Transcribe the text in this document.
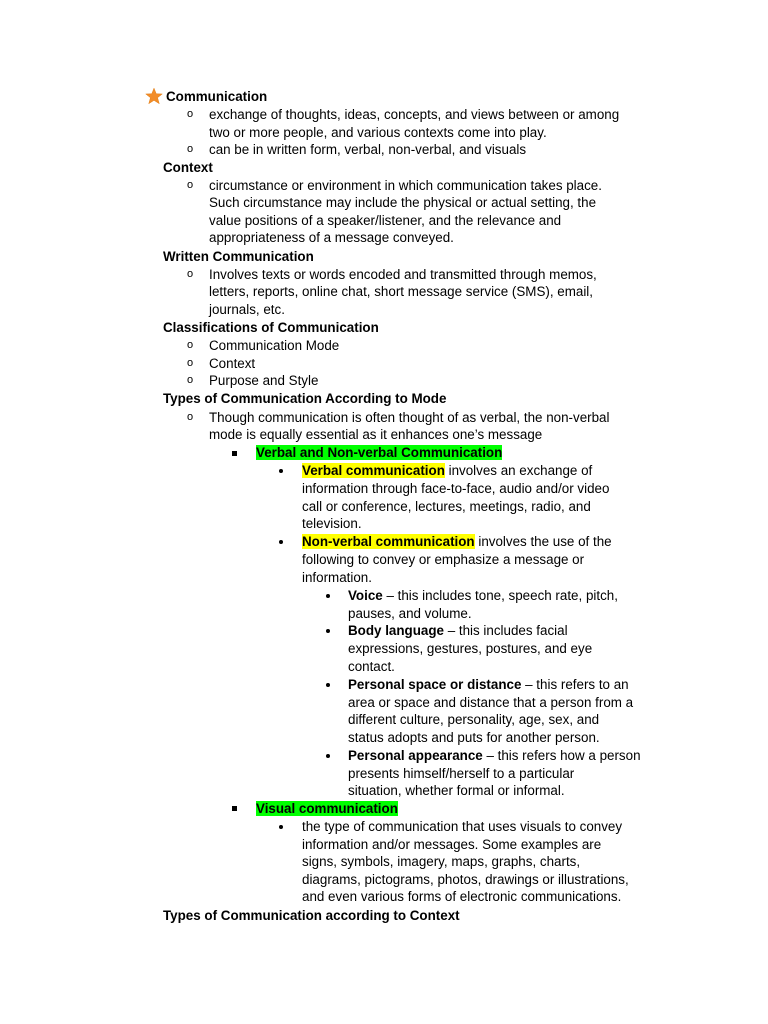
Communication
o exchange of thoughts, ideas, concepts, and views between or among
two or more people, and various contexts come into play.
o can be in written form, verbal, non-verbal, and visuals
Context
o circumstance or environment in which communication takes place.
Such circumstance may include the physical or actual setting, the
value positions of a speaker/listener, and the relevance and
appropriateness of a message conveyed.
Written Communication
o Involves texts or words encoded and transmitted through memos,
letters, reports, online chat, short message service (SMS), email,
journals, etc.
Classifications of Communication
o Communication Mode
o Context
o Purpose and Style
Types of Communication According to Mode
o Though communication is often thought of as verbal, the non-verbal
mode is equally essential as it enhances one’s message
Verbal and Non-verbal Communication
Verbal communication involves an exchange of
information through face-to-face, audio and/or video
call or conference, lectures, meetings, radio, and
television.
Non-verbal communication involves the use of the
following to convey or emphasize a message or
information.
Voice – this includes tone, speech rate, pitch,
pauses, and volume.
Body language – this includes facial
expressions, gestures, postures, and eye
contact.
Personal space or distance – this refers to an
area or space and distance that a person from a
different culture, personality, age, sex, and
status adopts and puts for another person.
Personal appearance – this refers how a person
presents himself/herself to a particular
situation, whether formal or informal.
Visual communication
the type of communication that uses visuals to convey
information and/or messages. Some examples are
signs, symbols, imagery, maps, graphs, charts,
diagrams, pictograms, photos, drawings or illustrations,
and even various forms of electronic communications.
Types of Communication according to Context
